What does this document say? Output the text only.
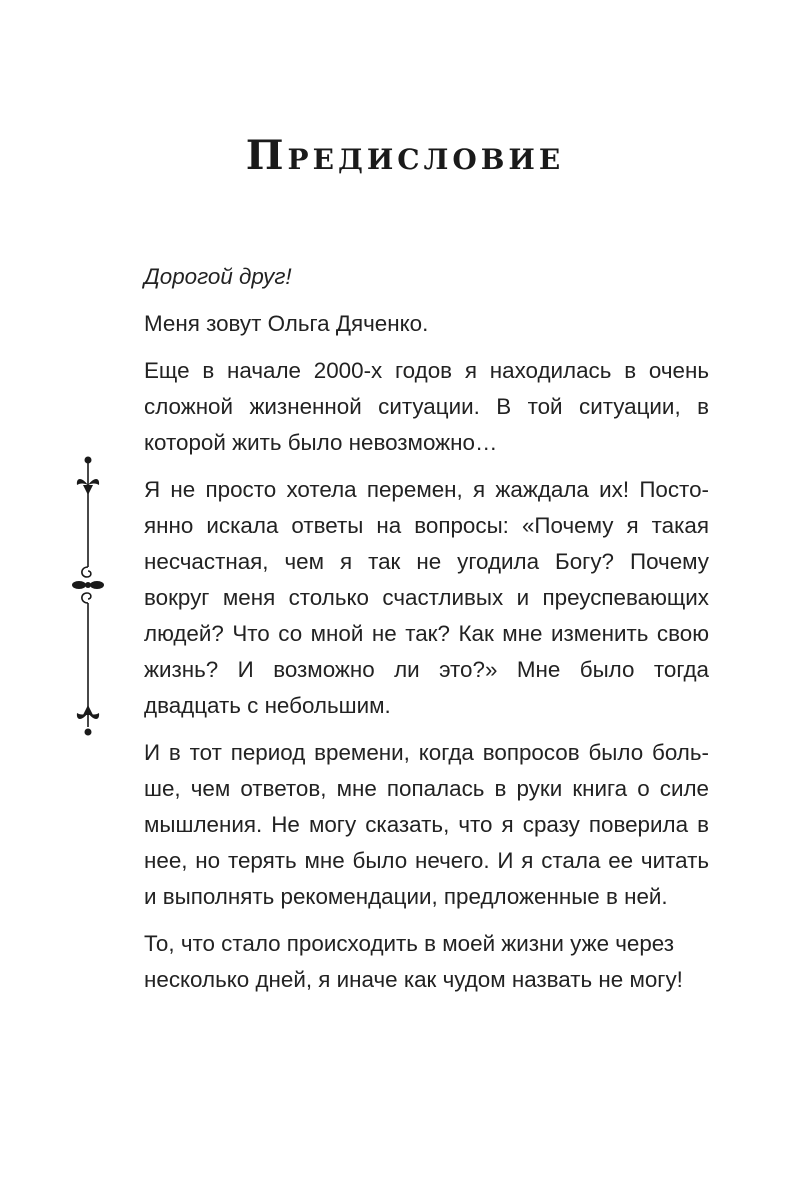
Предисловие

Дорогой друг!

Меня зовут Ольга Дяченко.

Еще в начале 2000-х годов я находилась в очень сложной жизненной ситуации. В той ситуации, в которой жить было невозможно…

Я не просто хотела перемен, я жаждала их! Постоянно искала ответы на вопросы: «Почему я такая несчастная, чем я так не угодила Богу? Почему вокруг меня столько счастливых и преуспевающих людей? Что со мной не так? Как мне изменить свою жизнь? И возможно ли это?» Мне было тогда двадцать с небольшим.

И в тот период времени, когда вопросов было больше, чем ответов, мне попалась в руки книга о силе мышления. Не могу сказать, что я сразу поверила в нее, но терять мне было нечего. И я стала ее читать и выполнять рекомендации, предложенные в ней.

То, что стало происходить в моей жизни уже через несколько дней, я иначе как чудом назвать не могу!
